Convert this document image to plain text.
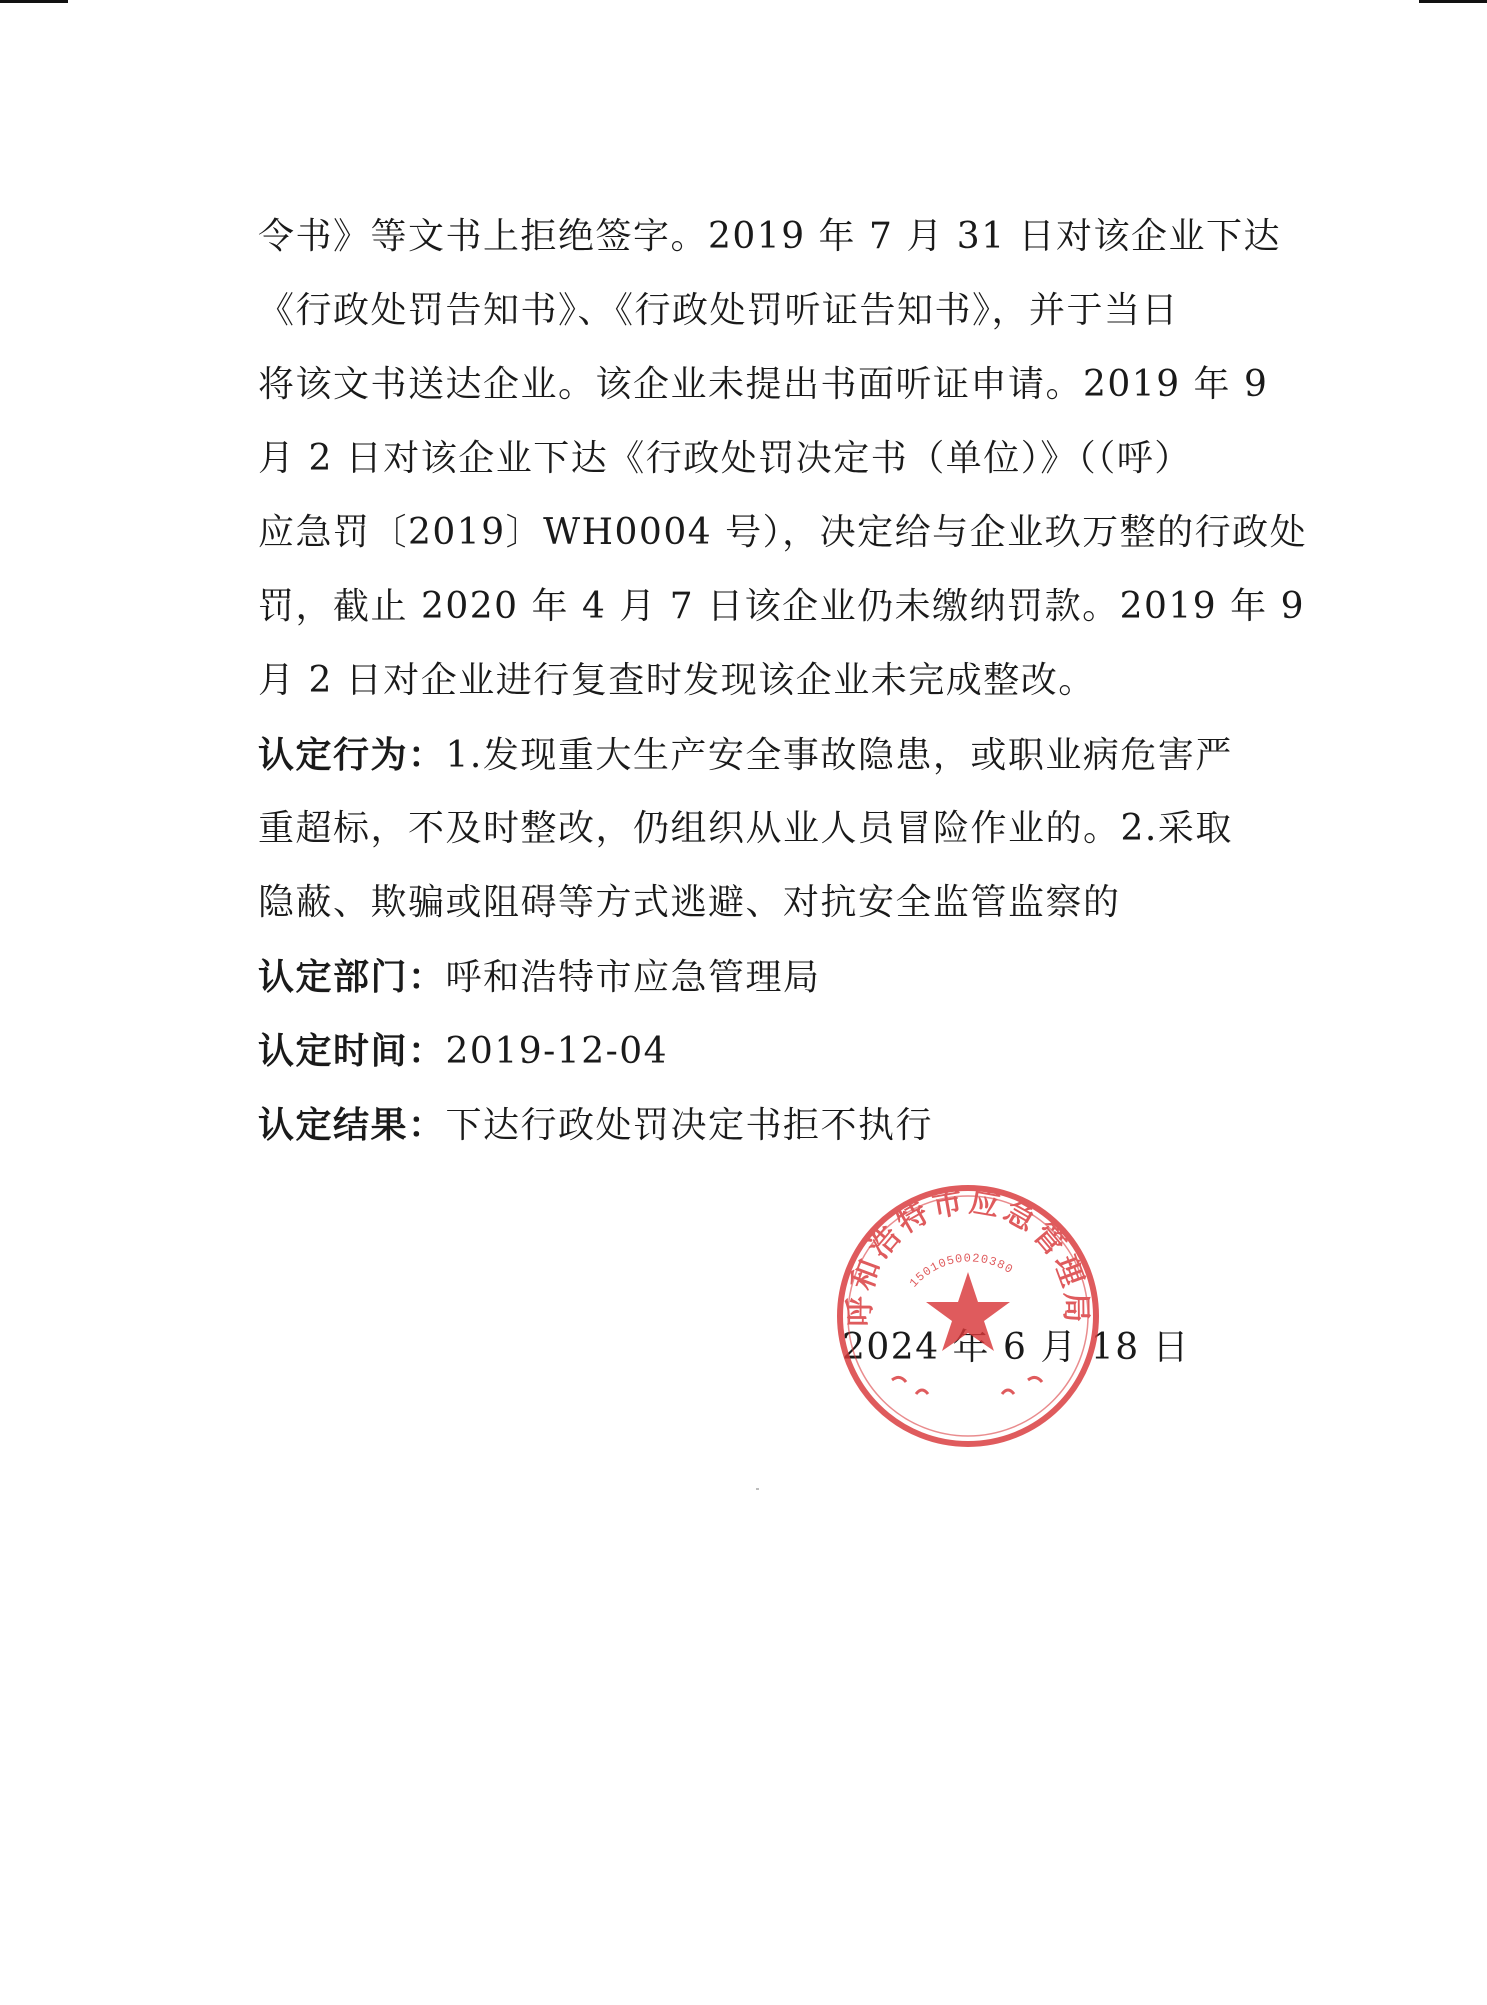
令书》等文书上拒绝签字。2019 年 7 月 31 日对该企业下达
《行政处罚告知书》、《行政处罚听证告知书》，并于当日
将该文书送达企业。该企业未提出书面听证申请。2019 年 9
月 2 日对该企业下达《行政处罚决定书（单位）》（（呼）
应急罚〔2019〕WH0004 号），决定给与企业玖万整的行政处
罚，截止 2020 年 4 月 7 日该企业仍未缴纳罚款。2019 年 9
月 2 日对企业进行复查时发现该企业未完成整改。
认定行为：1.发现重大生产安全事故隐患，或职业病危害严
重超标，不及时整改，仍组织从业人员冒险作业的。2.采取
隐蔽、欺骗或阻碍等方式逃避、对抗安全监管监察的
认定部门：呼和浩特市应急管理局
认定时间：2019-12-04
认定结果：下达行政处罚决定书拒不执行
2024 年 6 月 18 日
呼和浩特市应急管理局
1501050020380
